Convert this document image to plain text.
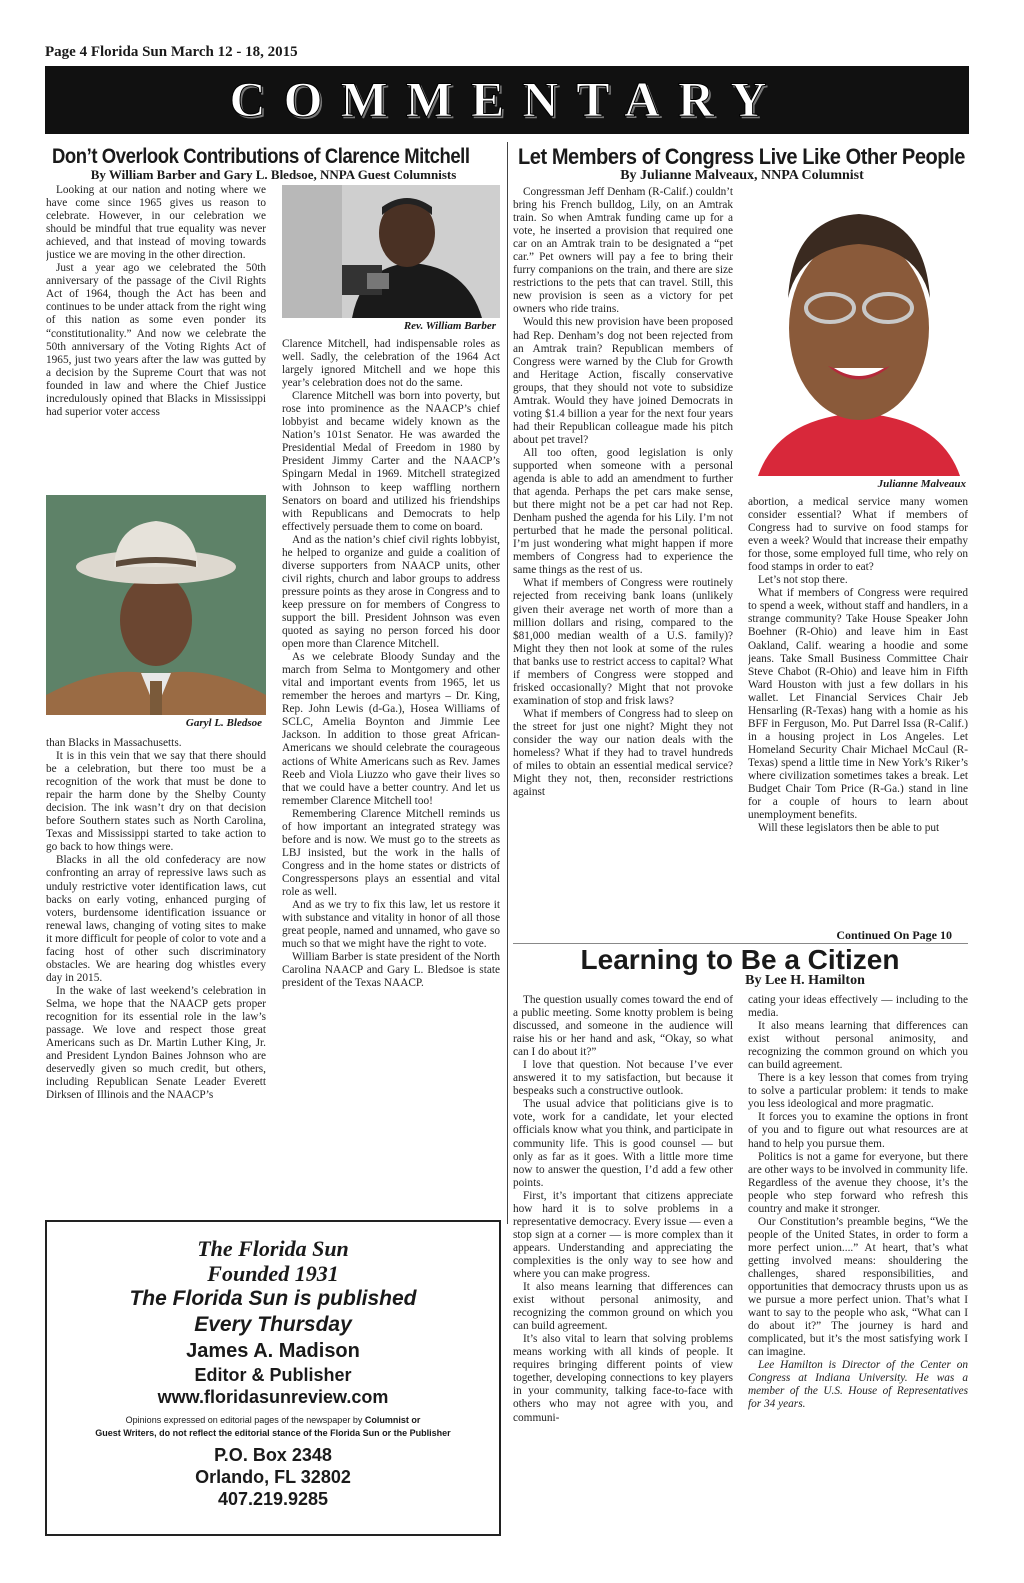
Page 4 Florida Sun March 12 - 18, 2015
COMMENTARY
Don’t Overlook Contributions of Clarence Mitchell
By William Barber and Gary L. Bledsoe, NNPA Guest Columnists

Looking at our nation and noting where we have come since 1965 gives us reason to celebrate. However, in our celebration we should be mindful that true equality was never achieved, and that instead of moving towards justice we are moving in the other direction.

Just a year ago we celebrated the 50th anniversary of the passage of the Civil Rights Act of 1964, though the Act has been and continues to be under attack from the right wing of this nation as some even ponder its “constitutionality.” And now we celebrate the 50th anniversary of the Voting Rights Act of 1965, just two years after the law was gutted by a decision by the Supreme Court that was not founded in law and where the Chief Justice incredulously opined that Blacks in Mississippi had superior voter access

Garyl L. Bledsoe

than Blacks in Massachusetts.

It is in this vein that we say that there should be a celebration, but there too must be a recognition of the work that must be done to repair the harm done by the Shelby County decision. The ink wasn’t dry on that decision before Southern states such as North Carolina, Texas and Mississippi started to take action to go back to how things were.

Blacks in all the old confederacy are now confronting an array of repressive laws such as unduly restrictive voter identification laws, cut backs on early voting, enhanced purging of voters, burdensome identification issuance or renewal laws, changing of voting sites to make it more difficult for people of color to vote and a facing host of other such discriminatory obstacles. We are hearing dog whistles every day in 2015.

In the wake of last weekend’s celebration in Selma, we hope that the NAACP gets proper recognition for its essential role in the law’s passage. We love and respect those great Americans such as Dr. Martin Luther King, Jr. and President Lyndon Baines Johnson who are deservedly given so much credit, but others, including Republican Senate Leader Everett Dirksen of Illinois and the NAACP’s

Rev. William Barber

Clarence Mitchell, had indispensable roles as well. Sadly, the celebration of the 1964 Act largely ignored Mitchell and we hope this year’s celebration does not do the same.

Clarence Mitchell was born into poverty, but rose into prominence as the NAACP’s chief lobbyist and became widely known as the Nation’s 101st Senator. He was awarded the Presidential Medal of Freedom in 1980 by President Jimmy Carter and the NAACP’s Spingarn Medal in 1969. Mitchell strategized with Johnson to keep waffling northern Senators on board and utilized his friendships with Republicans and Democrats to help effectively persuade them to come on board.

And as the nation’s chief civil rights lobbyist, he helped to organize and guide a coalition of diverse supporters from NAACP units, other civil rights, church and labor groups to address pressure points as they arose in Congress and to keep pressure on for members of Congress to support the bill. President Johnson was even quoted as saying no person forced his door open more than Clarence Mitchell.

As we celebrate Bloody Sunday and the march from Selma to Montgomery and other vital and important events from 1965, let us remember the heroes and martyrs – Dr. King, Rep. John Lewis (d-Ga.), Hosea Williams of SCLC, Amelia Boynton and Jimmie Lee Jackson. In addition to those great African-Americans we should celebrate the courageous actions of White Americans such as Rev. James Reeb and Viola Liuzzo who gave their lives so that we could have a better country. And let us remember Clarence Mitchell too!

Remembering Clarence Mitchell reminds us of how important an integrated strategy was before and is now. We must go to the streets as LBJ insisted, but the work in the halls of Congress and in the home states or districts of Congresspersons plays an essential and vital role as well.

And as we try to fix this law, let us restore it with substance and vitality in honor of all those great people, named and unnamed, who gave so much so that we might have the right to vote.

William Barber is state president of the North Carolina NAACP and Gary L. Bledsoe is state president of the Texas NAACP.

The Florida Sun
Founded 1931
The Florida Sun is published
Every Thursday
James A. Madison
Editor & Publisher
www.floridasunreview.com
Opinions expressed on editorial pages of the newspaper by Columnist or
Guest Writers, do not reflect the editorial stance of the Florida Sun or the Publisher
P.O. Box 2348
Orlando, FL 32802
407.219.9285
Let Members of Congress Live Like Other People
By Julianne Malveaux, NNPA Columnist

Congressman Jeff Denham (R-Calif.) couldn’t bring his French bulldog, Lily, on an Amtrak train. So when Amtrak funding came up for a vote, he inserted a provision that required one car on an Amtrak train to be designated a “pet car.” Pet owners will pay a fee to bring their furry companions on the train, and there are size restrictions to the pets that can travel. Still, this new provision is seen as a victory for pet owners who ride trains.

Would this new provision have been proposed had Rep. Denham’s dog not been rejected from an Amtrak train? Republican members of Congress were warned by the Club for Growth and Heritage Action, fiscally conservative groups, that they should not vote to subsidize Amtrak. Would they have joined Democrats in voting $1.4 billion a year for the next four years had their Republican colleague made his pitch about pet travel?

All too often, good legislation is only supported when someone with a personal agenda is able to add an amendment to further that agenda. Perhaps the pet cars make sense, but there might not be a pet car had not Rep. Denham pushed the agenda for his Lily. I’m not perturbed that he made the personal political. I’m just wondering what might happen if more members of Congress had to experience the same things as the rest of us.

What if members of Congress were routinely rejected from receiving bank loans (unlikely given their average net worth of more than a million dollars and rising, compared to the $81,000 median wealth of a U.S. family)? Might they then not look at some of the rules that banks use to restrict access to capital? What if members of Congress were stopped and frisked occasionally? Might that not provoke examination of stop and frisk laws?

What if members of Congress had to sleep on the street for just one night? Might they not consider the way our nation deals with the homeless? What if they had to travel hundreds of miles to obtain an essential medical service? Might they not, then, reconsider restrictions against

Julianne Malveaux

abortion, a medical service many women consider essential? What if members of Congress had to survive on food stamps for even a week? Would that increase their empathy for those, some employed full time, who rely on food stamps in order to eat?

Let’s not stop there.

What if members of Congress were required to spend a week, without staff and handlers, in a strange community? Take House Speaker John Boehner (R-Ohio) and leave him in East Oakland, Calif. wearing a hoodie and some jeans. Take Small Business Committee Chair Steve Chabot (R-Ohio) and leave him in Fifth Ward Houston with just a few dollars in his wallet. Let Financial Services Chair Jeb Hensarling (R-Texas) hang with a homie as his BFF in Ferguson, Mo. Put Darrel Issa (R-Calif.) in a housing project in Los Angeles. Let Homeland Security Chair Michael McCaul (R-Texas) spend a little time in New York’s Riker’s where civilization sometimes takes a break. Let Budget Chair Tom Price (R-Ga.) stand in line for a couple of hours to learn about unemployment benefits.

Will these legislators then be able to put

Continued On Page 10
Learning to Be a Citizen
By Lee H. Hamilton

The question usually comes toward the end of a public meeting. Some knotty problem is being discussed, and someone in the audience will raise his or her hand and ask, “Okay, so what can I do about it?”

I love that question. Not because I’ve ever answered it to my satisfaction, but because it bespeaks such a constructive outlook.

The usual advice that politicians give is to vote, work for a candidate, let your elected officials know what you think, and participate in community life. This is good counsel — but only as far as it goes. With a little more time now to answer the question, I’d add a few other points.

First, it’s important that citizens appreciate how hard it is to solve problems in a representative democracy. Every issue — even a stop sign at a corner — is more complex than it appears. Understanding and appreciating the complexities is the only way to see how and where you can make progress.

It also means learning that differences can exist without personal animosity, and recognizing the common ground on which you can build agreement.

It’s also vital to learn that solving problems means working with all kinds of people. It requires bringing different points of view together, developing connections to key players in your community, talking face-to-face with others who may not agree with you, and communi-

cating your ideas effectively — including to the media.

It also means learning that differences can exist without personal animosity, and recognizing the common ground on which you can build agreement.

There is a key lesson that comes from trying to solve a particular problem: it tends to make you less ideological and more pragmatic.

It forces you to examine the options in front of you and to figure out what resources are at hand to help you pursue them.

Politics is not a game for everyone, but there are other ways to be involved in community life. Regardless of the avenue they choose, it’s the people who step forward who refresh this country and make it stronger.

Our Constitution’s preamble begins, “We the people of the United States, in order to form a more perfect union....” At heart, that’s what getting involved means: shouldering the challenges, shared responsibilities, and opportunities that democracy thrusts upon us as we pursue a more perfect union. That’s what I want to say to the people who ask, “What can I do about it?” The journey is hard and complicated, but it’s the most satisfying work I can imagine.

Lee Hamilton is Director of the Center on Congress at Indiana University. He was a member of the U.S. House of Representatives for 34 years.
